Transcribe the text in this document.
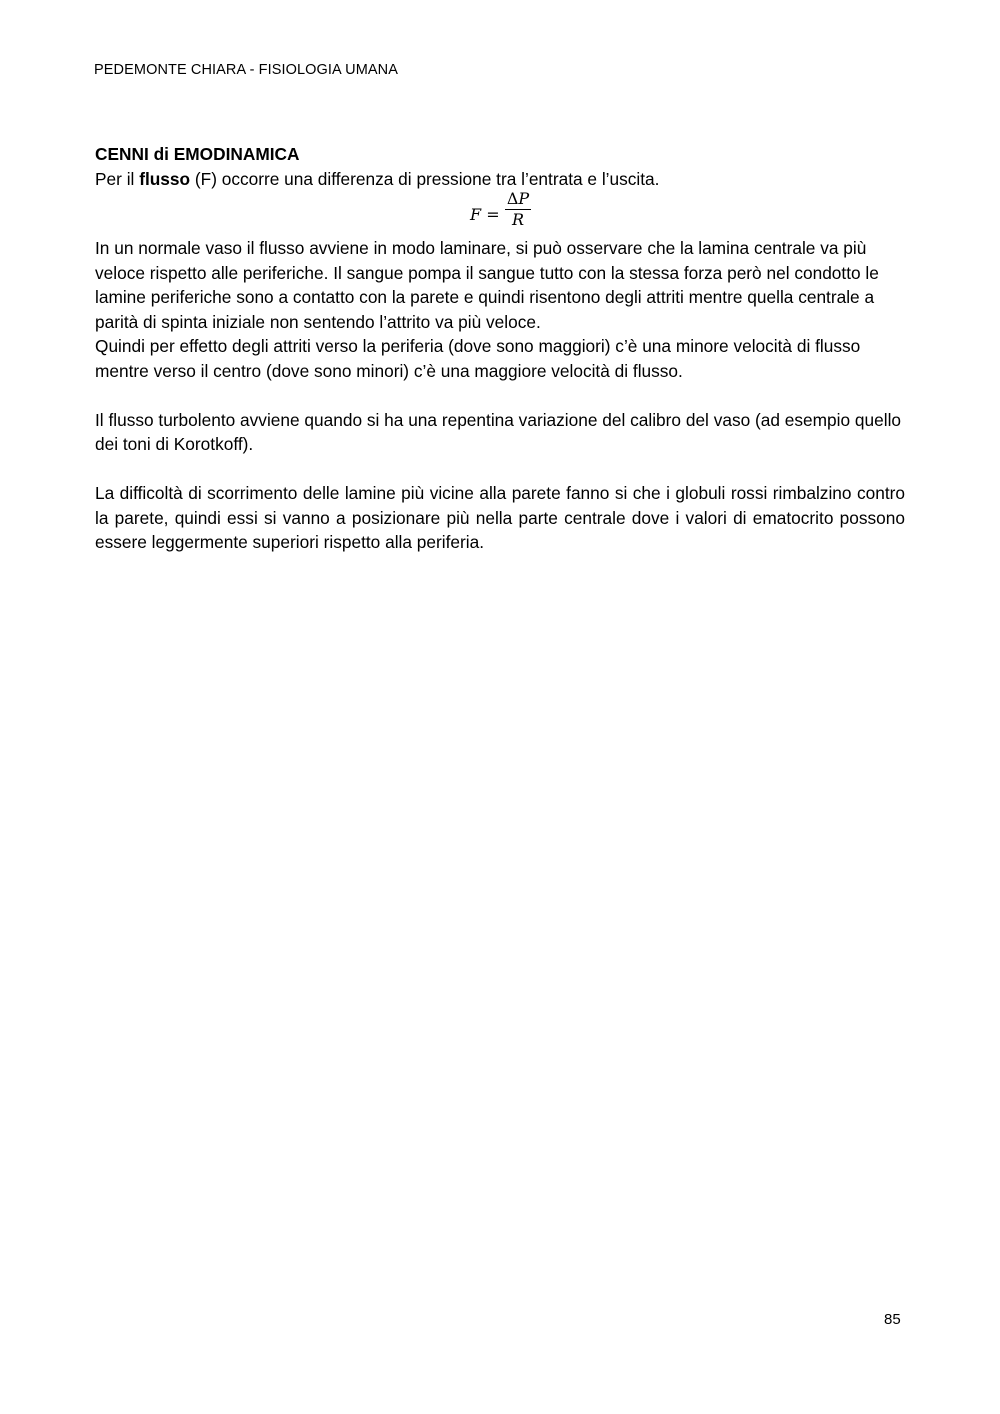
PEDEMONTE CHIARA - FISIOLOGIA UMANA

CENNI di EMODINAMICA

Per il flusso (F) occorre una differenza di pressione tra l’entrata e l’uscita.

F =
ΔP
R

In un normale vaso il flusso avviene in modo laminare, si può osservare che la lamina centrale va più veloce rispetto alle periferiche. Il sangue pompa il sangue tutto con la stessa forza però nel condotto le lamine periferiche sono a contatto con la parete e quindi risentono degli attriti mentre quella centrale a parità di spinta iniziale non sentendo l’attrito va più veloce.

Quindi per effetto degli attriti verso la periferia (dove sono maggiori) c’è una minore velocità di flusso mentre verso il centro (dove sono minori) c’è una maggiore velocità di flusso.

Il flusso turbolento avviene quando si ha una repentina variazione del calibro del vaso (ad esempio quello dei toni di Korotkoff).

La difficoltà di scorrimento delle lamine più vicine alla parete fanno si che i globuli rossi rimbalzino contro la parete, quindi essi si vanno a posizionare più nella parte centrale dove i valori di ematocrito possono essere leggermente superiori rispetto alla periferia.

85
